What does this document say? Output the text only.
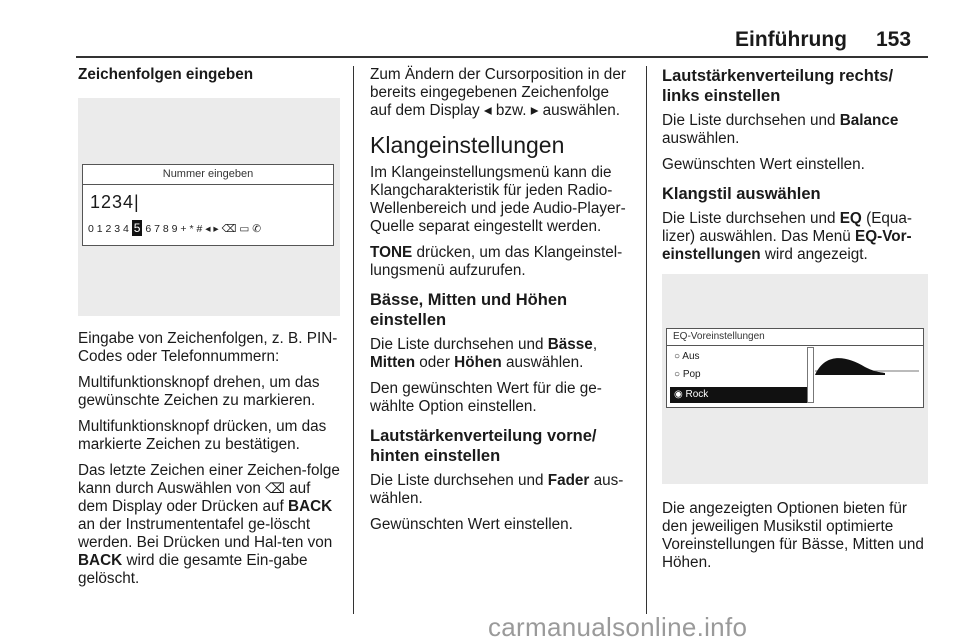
Einführung 153
Zeichenfolgen eingeben
Nummer eingeben
1234|
0 1 2 3 4 5 6 7 8 9 + * # ◂ ▸ ⌫ ▭ ✆

Eingabe von Zeichenfolgen, z. B. PIN-Codes oder Telefonnummern:

Multifunktionsknopf drehen, um das gewünschte Zeichen zu markieren.

Multifunktionsknopf drücken, um das markierte Zeichen zu bestätigen.

Das letzte Zeichen einer Zeichen-folge kann durch Auswählen von ⌫ auf dem Display oder Drücken auf BACK an der Instrumententafel ge-löscht werden. Bei Drücken und Hal-ten von BACK wird die gesamte Ein-gabe gelöscht.

Zum Ändern der Cursorposition in der bereits eingegebenen Zeichenfolge auf dem Display ◂ bzw. ▸ auswählen.

Klangeinstellungen

Im Klangeinstellungsmenü kann die Klangcharakteristik für jeden Radio-Wellenbereich und jede Audio-Player-Quelle separat eingestellt werden.

TONE drücken, um das Klangeinstel-lungsmenü aufzurufen.

Bässe, Mitten und Höhen einstellen

Die Liste durchsehen und Bässe, Mitten oder Höhen auswählen.

Den gewünschten Wert für die ge-wählte Option einstellen.

Lautstärkenverteilung vorne/ hinten einstellen

Die Liste durchsehen und Fader aus-wählen.

Gewünschten Wert einstellen.

Lautstärkenverteilung rechts/ links einstellen

Die Liste durchsehen und Balance auswählen.

Gewünschten Wert einstellen.

Klangstil auswählen

Die Liste durchsehen und EQ (Equa-lizer) auswählen. Das Menü EQ-Vor-einstellungen wird angezeigt.

EQ-Voreinstellungen
○ Aus
○ Pop
◉ Rock

Die angezeigten Optionen bieten für den jeweiligen Musikstil optimierte Voreinstellungen für Bässe, Mitten und Höhen.

carmanualsonline.info
